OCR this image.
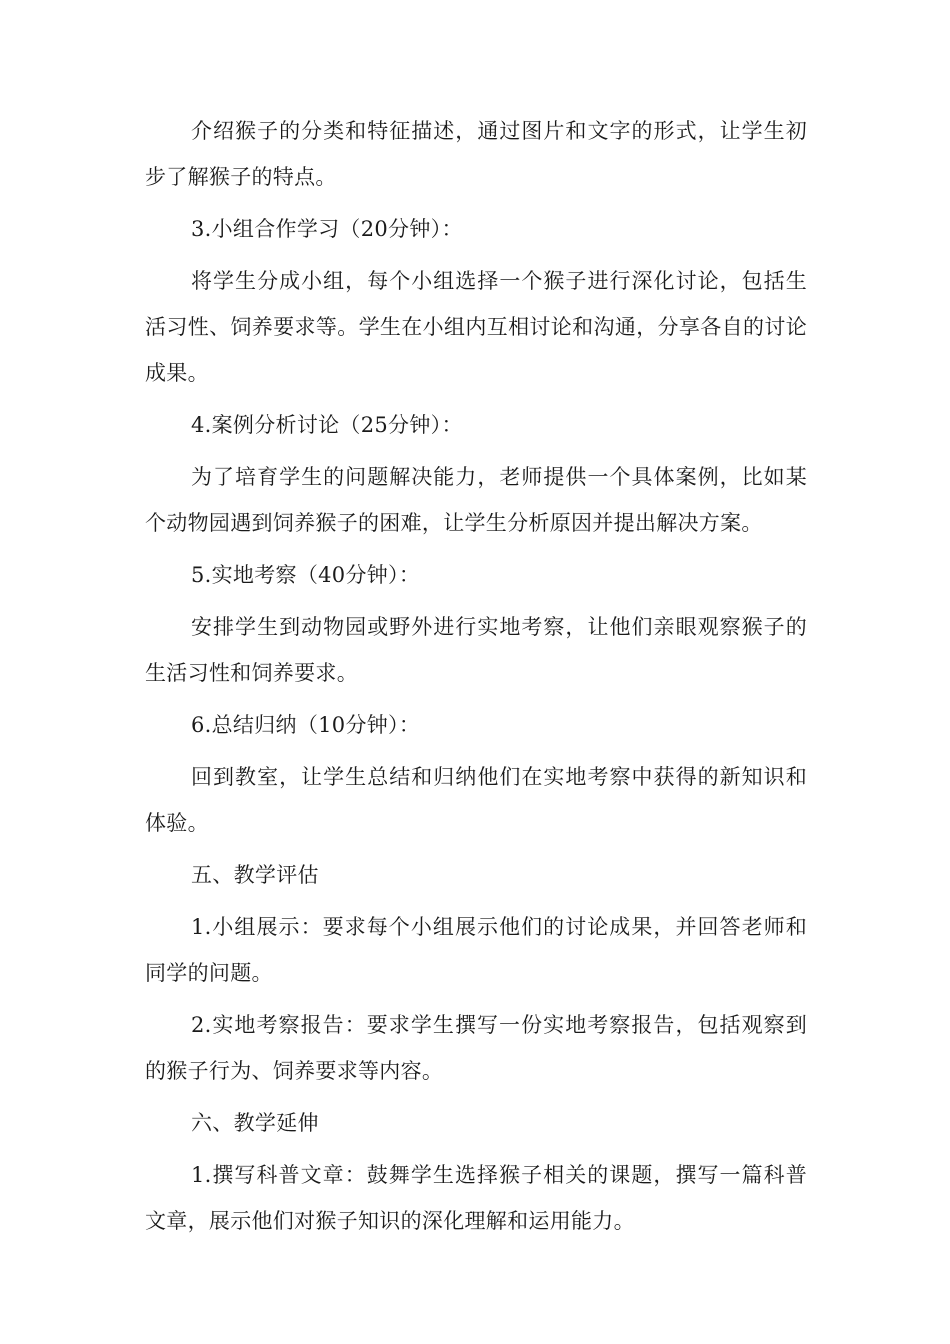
介绍猴子的分类和特征描述，通过图片和文字的形式，让学生初步了解猴子的特点。

3.小组合作学习（20分钟）：

将学生分成小组，每个小组选择一个猴子进行深化讨论，包括生活习性、饲养要求等。学生在小组内互相讨论和沟通，分享各自的讨论成果。

4.案例分析讨论（25分钟）：

为了培育学生的问题解决能力，老师提供一个具体案例，比如某个动物园遇到饲养猴子的困难，让学生分析原因并提出解决方案。

5.实地考察（40分钟）：

安排学生到动物园或野外进行实地考察，让他们亲眼观察猴子的生活习性和饲养要求。

6.总结归纳（10分钟）：

回到教室，让学生总结和归纳他们在实地考察中获得的新知识和体验。

五、教学评估

1.小组展示：要求每个小组展示他们的讨论成果，并回答老师和同学的问题。

2.实地考察报告：要求学生撰写一份实地考察报告，包括观察到的猴子行为、饲养要求等内容。

六、教学延伸

1.撰写科普文章：鼓舞学生选择猴子相关的课题，撰写一篇科普文章，展示他们对猴子知识的深化理解和运用能力。
